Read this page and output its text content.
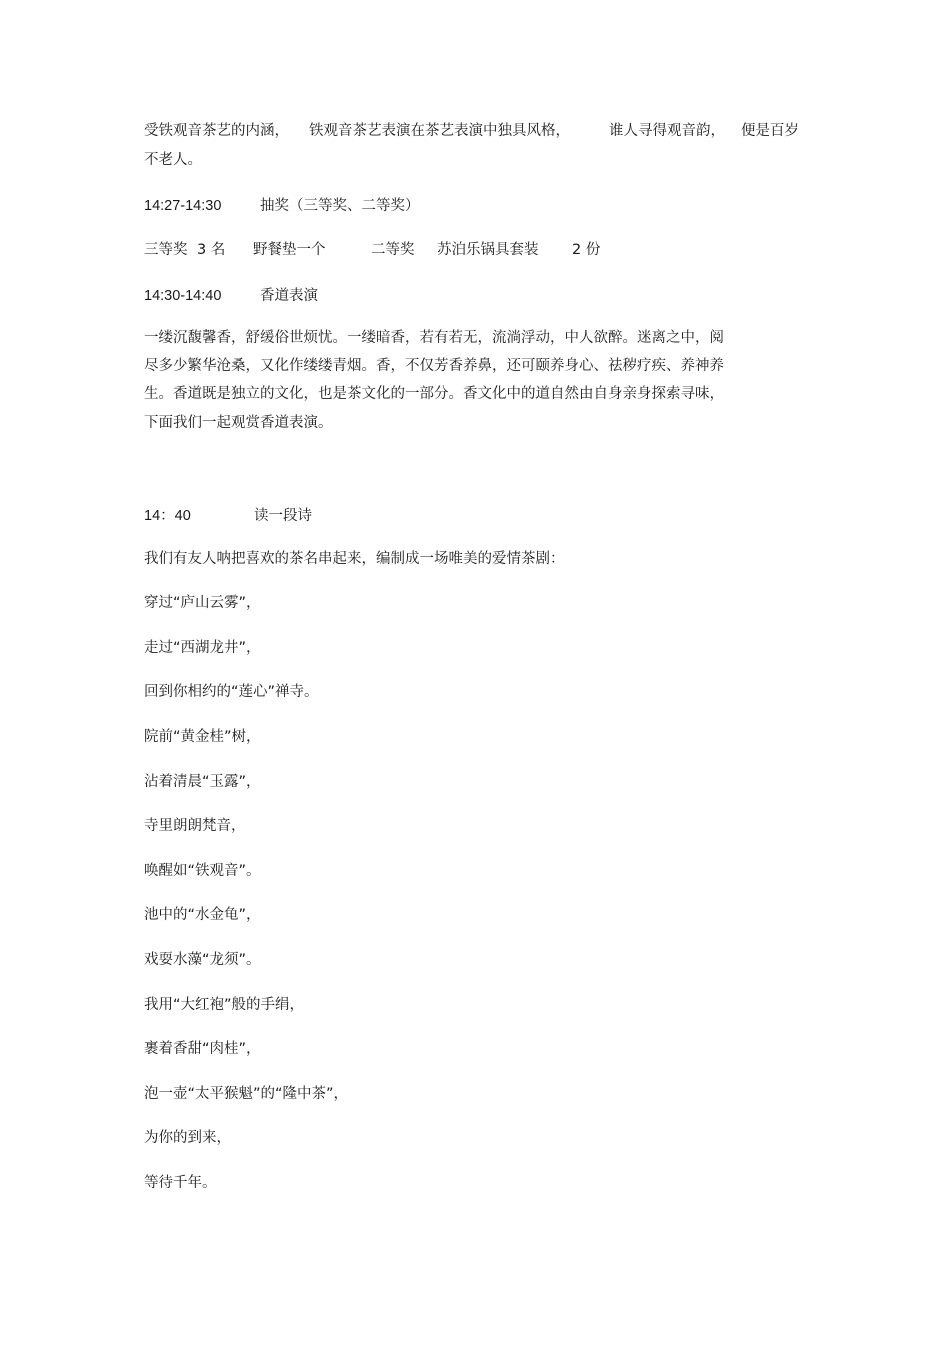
受铁观音茶艺的内涵， 铁观音茶艺表演在茶艺表演中独具风格，	谁人寻得观音韵， 便是百岁
不老人。
14:27-14:30	抽奖（三等奖、二等奖）
三等奖 3 名 野餐垫一个	二等奖 苏泊乐锅具套装 2 份
14:30-14:40	香道表演
一缕沉馥馨香，舒缓俗世烦忧。一缕暗香，若有若无，流淌浮动，中人欲醉。迷离之中，阅
尽多少繁华沧桑，又化作缕缕青烟。香，不仅芳香养鼻，还可颐养身心、祛秽疗疾、养神养
生。香道既是独立的文化，也是茶文化的一部分。香文化中的道自然由自身亲身探索寻味，
下面我们一起观赏香道表演。
14：40	读一段诗
我们有友人呐把喜欢的茶名串起来，编制成一场唯美的爱情茶剧：
穿过“庐山云雾”，
走过“西湖龙井”，
回到你相约的“莲心”禅寺。
院前“黄金桂”树，
沾着清晨“玉露”，
寺里朗朗梵音，
唤醒如“铁观音”。
池中的“水金龟”，
戏耍水藻“龙须”。
我用“大红袍”般的手绢，
裹着香甜“肉桂”，
泡一壶“太平猴魁”的“隆中茶”，
为你的到来，
等待千年。
